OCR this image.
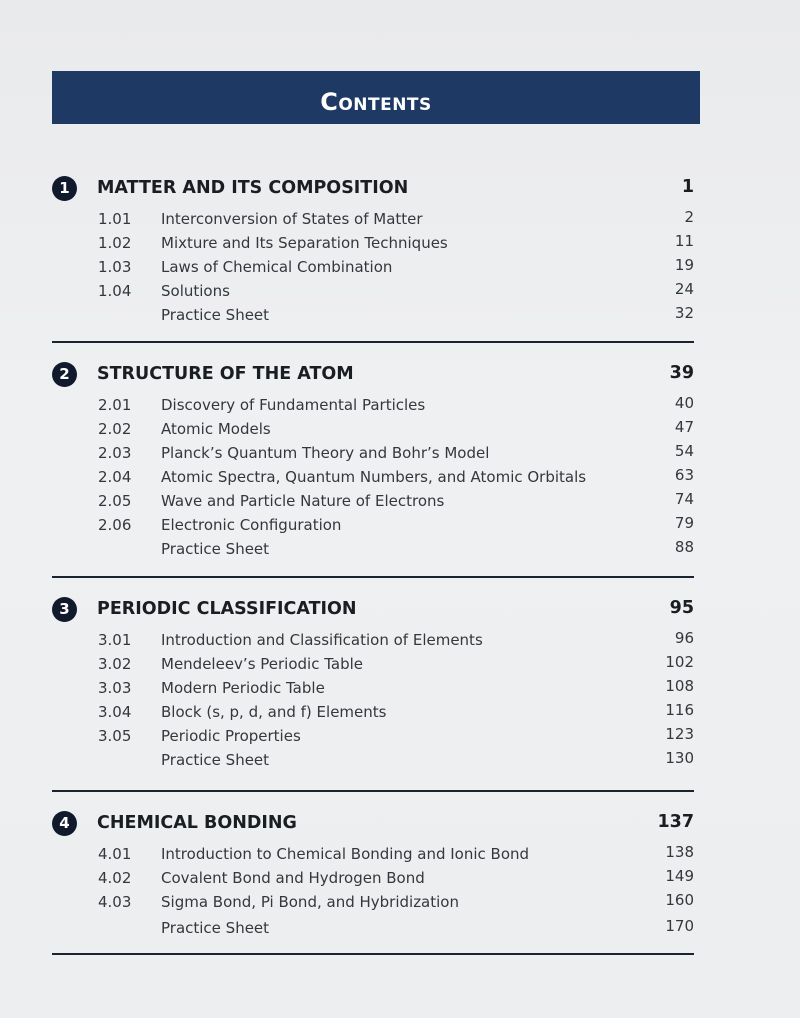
Contents
1	MATTER AND ITS COMPOSITION	1
1.01 Interconversion of States of Matter	2
1.02 Mixture and Its Separation Techniques	11
1.03 Laws of Chemical Combination	19
1.04 Solutions	24
Practice Sheet	32
2	STRUCTURE OF THE ATOM	39
2.01 Discovery of Fundamental Particles	40
2.02 Atomic Models	47
2.03 Planck’s Quantum Theory and Bohr’s Model	54
2.04 Atomic Spectra, Quantum Numbers, and Atomic Orbitals	63
2.05 Wave and Particle Nature of Electrons	74
2.06 Electronic Configuration	79
Practice Sheet	88
3	PERIODIC CLASSIFICATION	95
3.01 Introduction and Classification of Elements	96
3.02 Mendeleev’s Periodic Table	102
3.03 Modern Periodic Table	108
3.04 Block (s, p, d, and f) Elements	116
3.05 Periodic Properties	123
Practice Sheet	130
4	CHEMICAL BONDING	137
4.01 Introduction to Chemical Bonding and Ionic Bond	138
4.02 Covalent Bond and Hydrogen Bond	149
4.03 Sigma Bond, Pi Bond, and Hybridization	160
Practice Sheet	170
